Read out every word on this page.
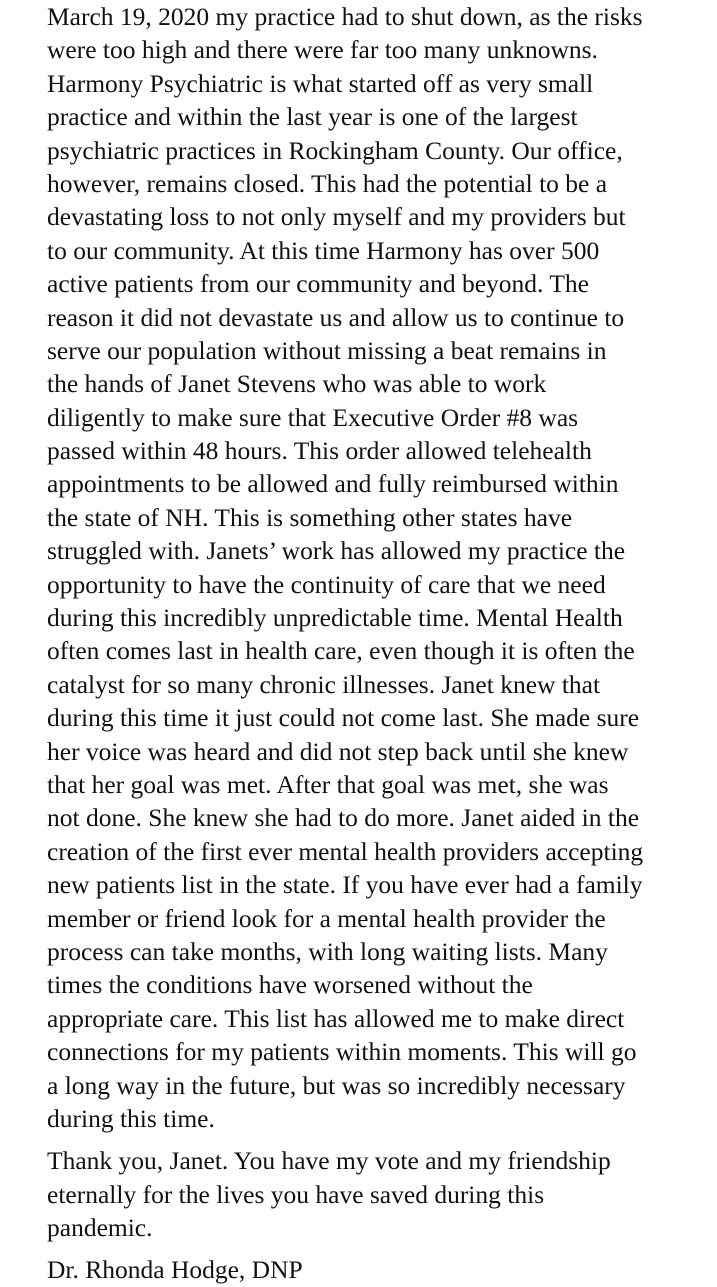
March 19, 2020 my practice had to shut down, as the risks
were too high and there were far too many unknowns.
Harmony Psychiatric is what started off as very small
practice and within the last year is one of the largest
psychiatric practices in Rockingham County. Our office,
however, remains closed. This had the potential to be a
devastating loss to not only myself and my providers but
to our community. At this time Harmony has over 500
active patients from our community and beyond. The
reason it did not devastate us and allow us to continue to
serve our population without missing a beat remains in
the hands of Janet Stevens who was able to work
diligently to make sure that Executive Order #8 was
passed within 48 hours. This order allowed telehealth
appointments to be allowed and fully reimbursed within
the state of NH. This is something other states have
struggled with. Janets’ work has allowed my practice the
opportunity to have the continuity of care that we need
during this incredibly unpredictable time. Mental Health
often comes last in health care, even though it is often the
catalyst for so many chronic illnesses. Janet knew that
during this time it just could not come last. She made sure
her voice was heard and did not step back until she knew
that her goal was met. After that goal was met, she was
not done. She knew she had to do more. Janet aided in the
creation of the first ever mental health providers accepting
new patients list in the state. If you have ever had a family
member or friend look for a mental health provider the
process can take months, with long waiting lists. Many
times the conditions have worsened without the
appropriate care. This list has allowed me to make direct
connections for my patients within moments. This will go
a long way in the future, but was so incredibly necessary
during this time.
Thank you, Janet. You have my vote and my friendship
eternally for the lives you have saved during this
pandemic.
Dr. Rhonda Hodge, DNP
